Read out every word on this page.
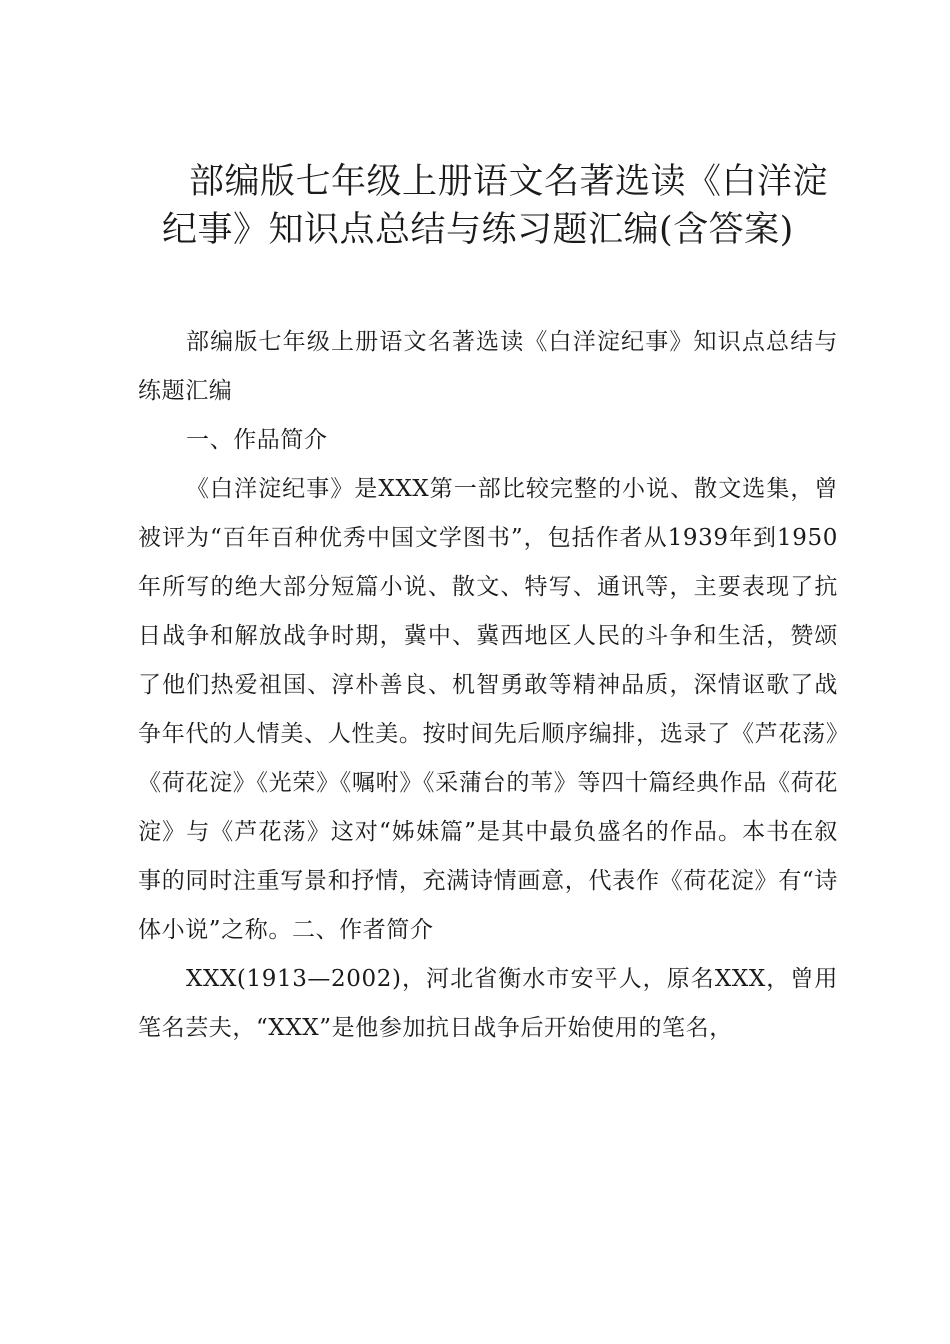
部编版七年级上册语文名著选读《白洋淀纪事》知识点总结与练习题汇编(含答案)

部编版七年级上册语文名著选读《白洋淀纪事》知识点总结与练题汇编

一、作品简介

《白洋淀纪事》是XXX第一部比较完整的小说、散文选集，曾被评为“百年百种优秀中国文学图书”，包括作者从1939年到1950年所写的绝大部分短篇小说、散文、特写、通讯等，主要表现了抗日战争和解放战争时期，冀中、冀西地区人民的斗争和生活，赞颂了他们热爱祖国、淳朴善良、机智勇敢等精神品质，深情讴歌了战争年代的人情美、人性美。按时间先后顺序编排，选录了《芦花荡》《荷花淀》《光荣》《嘱咐》《采蒲台的苇》等四十篇经典作品《荷花淀》与《芦花荡》这对“姊妹篇”是其中最负盛名的作品。本书在叙事的同时注重写景和抒情，充满诗情画意，代表作《荷花淀》有“诗体小说”之称。二、作者简介

XXX(1913—2002)，河北省衡水市安平人，原名XXX，曾用笔名芸夫，“XXX”是他参加抗日战争后开始使用的笔名，
